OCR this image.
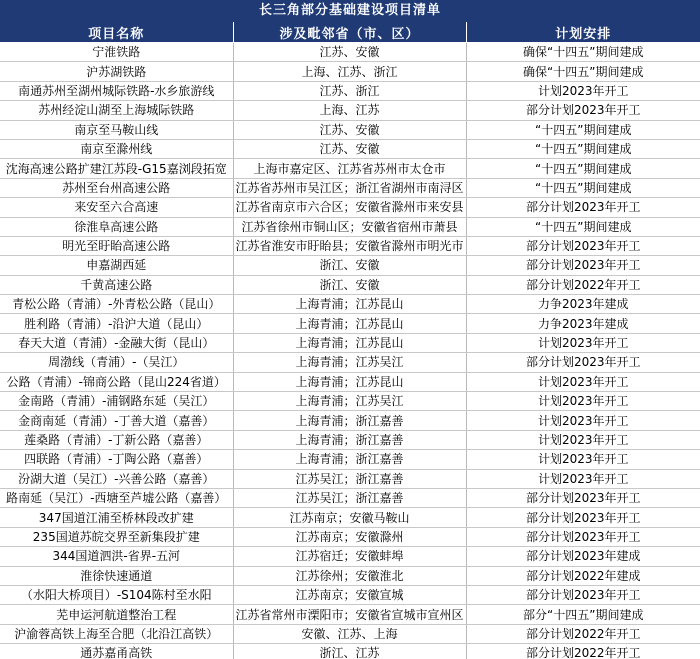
长三角部分基础建设项目清单
项目名称	涉及毗邻省（市、区）	计划安排

宁淮铁路	江苏、安徽	确保“十四五”期间建成

沪苏湖铁路	上海、江苏、浙江	确保“十四五”期间建成

南通苏州至湖州城际铁路-水乡旅游线	江苏、浙江	计划2023年开工

苏州经淀山湖至上海城际铁路	上海、江苏	部分计划2023年开工

南京至马鞍山线	江苏、安徽	“十四五”期间建成

南京至滁州线	江苏、安徽	“十四五”期间建成

沈海高速公路扩建江苏段-G15嘉浏段拓宽	上海市嘉定区、江苏省苏州市太仓市	“十四五”期间建成

苏州至台州高速公路	江苏省苏州市吴江区；浙江省湖州市南浔区	“十四五”期间建成

来安至六合高速	江苏省南京市六合区；安徽省滁州市来安县	部分计划2023年开工

徐淮阜高速公路	江苏省徐州市铜山区；安徽省宿州市萧县	“十四五”期间建成

明光至盱眙高速公路	江苏省淮安市盱眙县；安徽省滁州市明光市	部分计划2023年开工

申嘉湖西延	浙江、安徽	部分计划2023年开工

千黄高速公路	浙江、安徽	部分计划2022年开工

青松公路（青浦）-外青松公路（昆山）	上海青浦；江苏昆山	力争2023年建成

胜利路（青浦）-沿沪大道（昆山）	上海青浦；江苏昆山	力争2023年建成

春天大道（青浦）-金融大街（昆山）	上海青浦；江苏昆山	计划2023年开工

周渤线（青浦）-（吴江）	上海青浦；江苏吴江	部分计划2023年开工

公路（青浦）-锦商公路（昆山224省道）	上海青浦；江苏昆山	计划2023年开工

金南路（青浦）-浦钢路东延（吴江）	上海青浦；江苏吴江	计划2023年开工

金商南延（青浦）-丁善大道（嘉善）	上海青浦；浙江嘉善	计划2023年开工

莲桑路（青浦）-丁新公路（嘉善）	上海青浦；浙江嘉善	计划2023年开工

四联路（青浦）-丁陶公路（嘉善）	上海青浦；浙江嘉善	计划2023年开工

汾湖大道（吴江）-兴善公路（嘉善）	江苏吴江；浙江嘉善	计划2023年开工

路南延（吴江）-西塘至芦墟公路（嘉善）	江苏吴江；浙江嘉善	部分计划2023年开工

347国道江浦至桥林段改扩建	江苏南京；安徽马鞍山	部分计划2023年开工

235国道苏皖交界至新集段扩建	江苏南京；安徽滁州	部分计划2023年开工

344国道泗洪-省界-五河	江苏宿迁；安徽蚌埠	部分计划2023年建成

淮徐快速通道	江苏徐州；安徽淮北	部分计划2022年建成

（水阳大桥项目）-S104陈村至水阳	江苏南京；安徽宣城	部分计划2023年开工

芜申运河航道整治工程	江苏省常州市溧阳市；安徽省宣城市宣州区	部分“十四五”期间建成

沪渝蓉高铁上海至合肥（北沿江高铁）	安徽、江苏、上海	部分计划2022年开工

通苏嘉甬高铁	浙江、江苏	部分计划2022年开工
